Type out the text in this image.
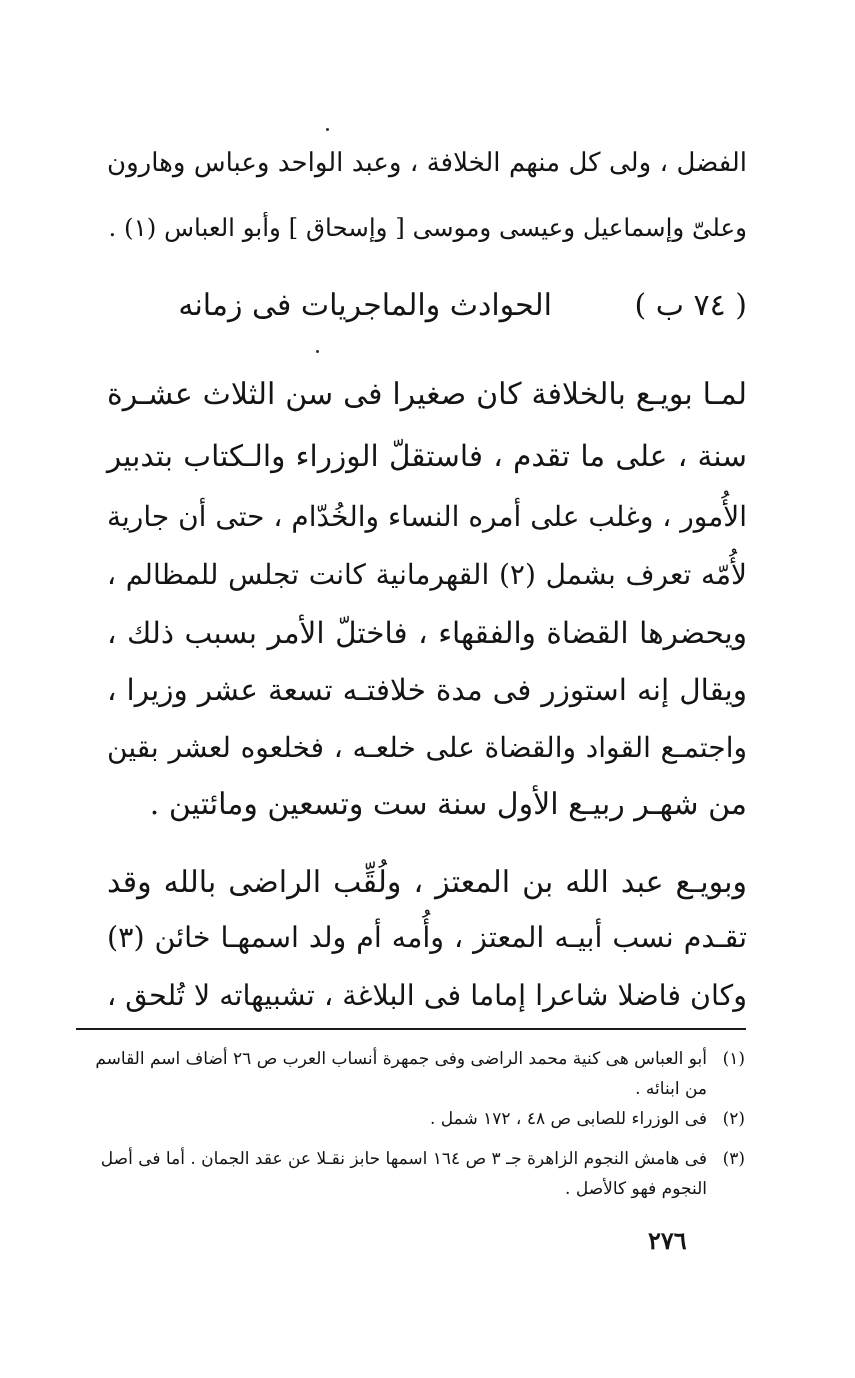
الفضل ، ولى كل منهم الخلافة ، وعبد الواحد وعباس وهارون
وعلىّ وإسماعيل وعيسى وموسى [ وإسحاق ] وأبو العباس (١) .
( ٧٤ ب )
الحوادث والماجريات فى زمانه
لمـا بويـع بالخلافة كان صغيرا فى سن الثلاث عشـرة
سنة ، على ما تقدم ، فاستقلّ الوزراء والـكتاب بتدبير
الأُمور ، وغلب على أمره النساء والخُدّام ، حتى أن جارية
لأُمّه تعرف بشمل (٢) القهرمانية كانت تجلس للمظالم ،
ويحضرها القضاة والفقهاء ، فاختلّ الأمر بسبب ذلك ،
ويقال إنه استوزر فى مدة خلافتـه تسعة عشر وزيرا ،
واجتمـع القواد والقضاة على خلعـه ، فخلعوه لعشر بقين
من شهـر ربيـع الأول سنة ست وتسعين ومائتين .
وبويـع عبد الله بن المعتز ، ولُقِّب الراضى بالله وقد
تقـدم نسب أبيـه المعتز ، وأُمه أم ولد اسمهـا خائن (٣)
وكان فاضلا شاعرا إماما فى البلاغة ، تشبيهاته لا تُلحق ،
(١)أبو العباس هى كنية محمد الراضى وفى جمهرة أنساب العرب ص ٢٦ أضاف اسم القاسم
من ابنائه .
(٢)فى الوزراء للصابى ص ٤٨ ، ١٧٢ شمل .
(٣)فى هامش النجوم الزاهرة جـ ٣ ص ١٦٤ اسمها حابز نقـلا عن عقد الجمان . أما فى أصل
النجوم فهو كالأصل .
٢٧٦
